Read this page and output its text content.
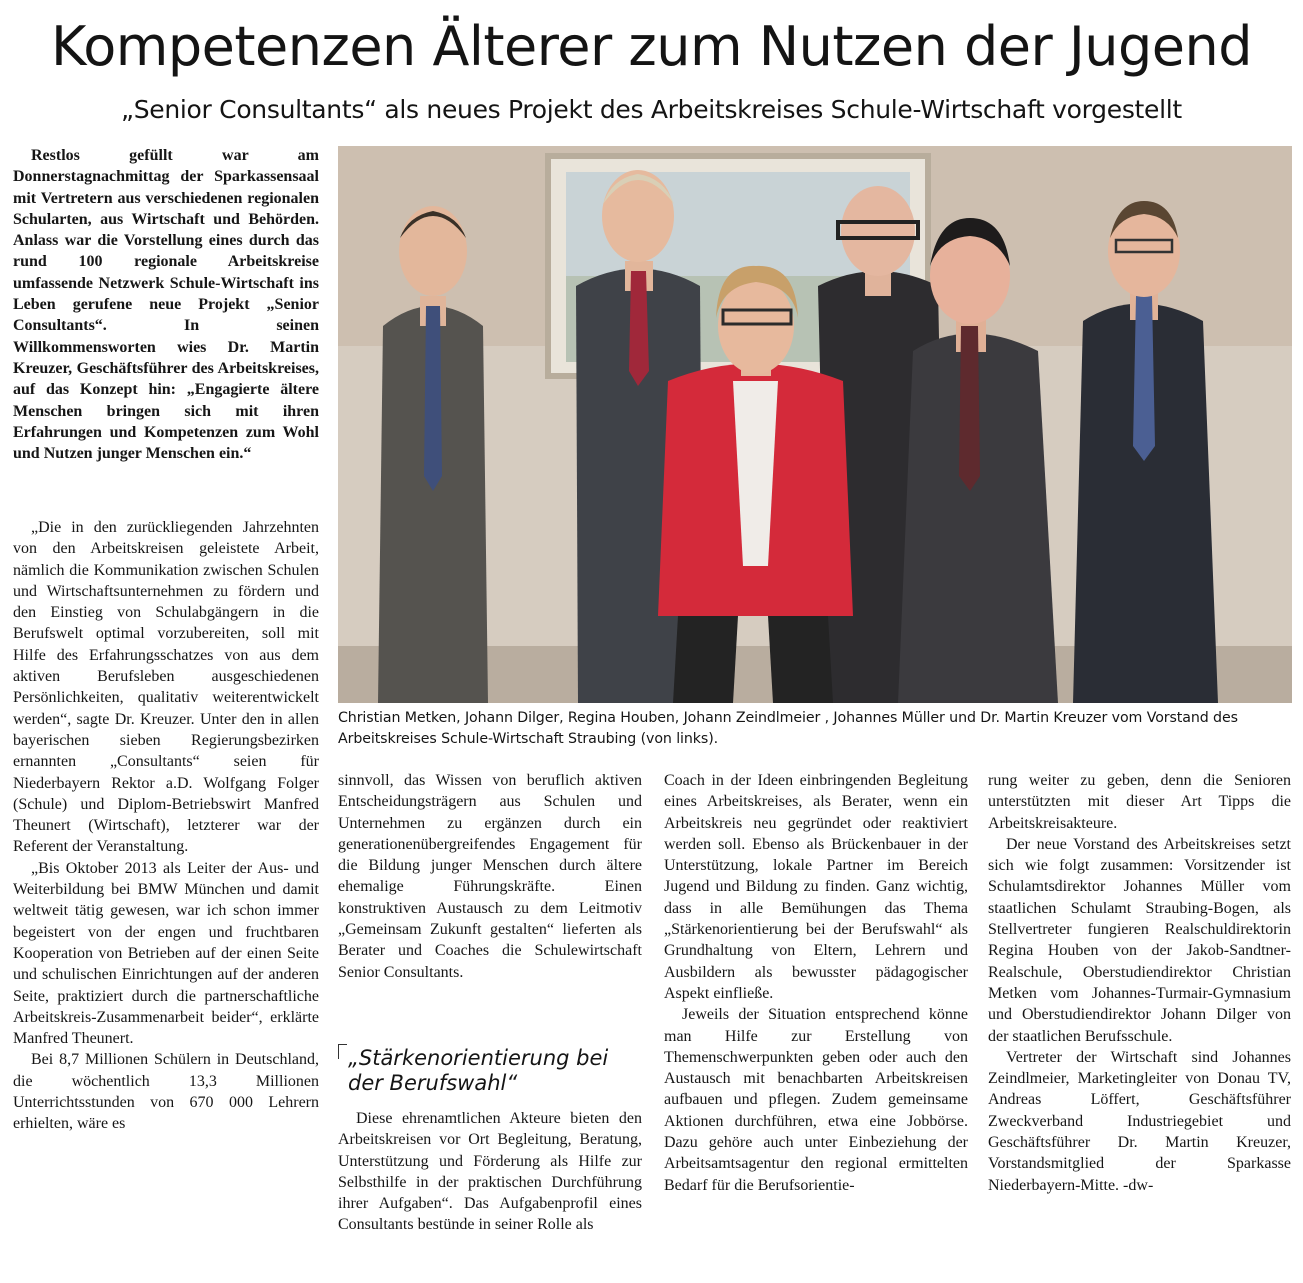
Kompetenzen Älterer zum Nutzen der Jugend
„Senior Consultants“ als neues Projekt des Arbeitskreises Schule-Wirtschaft vorgestellt

Restlos gefüllt war am Donnerstagnachmittag der Sparkassensaal mit Vertretern aus verschiedenen regionalen Schularten, aus Wirtschaft und Behörden. Anlass war die Vorstellung eines durch das rund 100 regionale Arbeitskreise umfassende Netzwerk Schule-Wirtschaft ins Leben gerufene neue Projekt „Senior Consultants“. In seinen Willkommensworten wies Dr. Martin Kreuzer, Geschäftsführer des Arbeitskreises, auf das Konzept hin: „Engagierte ältere Menschen bringen sich mit ihren Erfahrungen und Kompetenzen zum Wohl und Nutzen junger Menschen ein.“

„Die in den zurückliegenden Jahrzehnten von den Arbeitskreisen geleistete Arbeit, nämlich die Kommunikation zwischen Schulen und Wirtschaftsunternehmen zu fördern und den Einstieg von Schulabgängern in die Berufswelt optimal vorzubereiten, soll mit Hilfe des Erfahrungsschatzes von aus dem aktiven Berufsleben ausgeschiedenen Persönlichkeiten, qualitativ weiterentwickelt werden“, sagte Dr. Kreuzer. Unter den in allen bayerischen sieben Regierungsbezirken ernannten „Consultants“ seien für Niederbayern Rektor a.D. Wolfgang Folger (Schule) und Diplom-Betriebswirt Manfred Theunert (Wirtschaft), letzterer war der Referent der Veranstaltung.

„Bis Oktober 2013 als Leiter der Aus- und Weiterbildung bei BMW München und damit weltweit tätig gewesen, war ich schon immer begeistert von der engen und fruchtbaren Kooperation von Betrieben auf der einen Seite und schulischen Einrichtungen auf der anderen Seite, praktiziert durch die partnerschaftliche Arbeitskreis-Zusammenarbeit beider“, erklärte Manfred Theunert.

Bei 8,7 Millionen Schülern in Deutschland, die wöchentlich 13,3 Millionen Unterrichtsstunden von 670 000 Lehrern erhielten, wäre es

Christian Metken, Johann Dilger, Regina Houben, Johann Zeindlmeier , Johannes Müller und Dr. Martin Kreuzer vom Vorstand des Arbeitskreises Schule-Wirtschaft Straubing (von links).

sinnvoll, das Wissen von beruflich aktiven Entscheidungsträgern aus Schulen und Unternehmen zu ergänzen durch ein generationenübergreifendes Engagement für die Bildung junger Menschen durch ältere ehemalige Führungskräfte. Einen konstruktiven Austausch zu dem Leitmotiv „Gemeinsam Zukunft gestalten“ lieferten als Berater und Coaches die Schulewirtschaft Senior Consultants.

„Stärkenorientierung bei der Berufswahl“

Diese ehrenamtlichen Akteure bieten den Arbeitskreisen vor Ort Begleitung, Beratung, Unterstützung und Förderung als Hilfe zur Selbsthilfe in der praktischen Durchführung ihrer Aufgaben“. Das Aufgabenprofil eines Consultants bestünde in seiner Rolle als

Coach in der Ideen einbringenden Begleitung eines Arbeitskreises, als Berater, wenn ein Arbeitskreis neu gegründet oder reaktiviert werden soll. Ebenso als Brückenbauer in der Unterstützung, lokale Partner im Bereich Jugend und Bildung zu finden. Ganz wichtig, dass in alle Bemühungen das Thema „Stärkenorientierung bei der Berufswahl“ als Grundhaltung von Eltern, Lehrern und Ausbildern als bewusster pädagogischer Aspekt einfließe.

Jeweils der Situation entsprechend könne man Hilfe zur Erstellung von Themenschwerpunkten geben oder auch den Austausch mit benachbarten Arbeitskreisen aufbauen und pflegen. Zudem gemeinsame Aktionen durchführen, etwa eine Jobbörse. Dazu gehöre auch unter Einbeziehung der Arbeitsamtsagentur den regional ermittelten Bedarf für die Berufsorientie-

rung weiter zu geben, denn die Senioren unterstützten mit dieser Art Tipps die Arbeitskreisakteure.

Der neue Vorstand des Arbeitskreises setzt sich wie folgt zusammen: Vorsitzender ist Schulamtsdirektor Johannes Müller vom staatlichen Schulamt Straubing-Bogen, als Stellvertreter fungieren Realschuldirektorin Regina Houben von der Jakob-Sandtner-Realschule, Oberstudiendirektor Christian Metken vom Johannes-Turmair-Gymnasium und Oberstudiendirektor Johann Dilger von der staatlichen Berufsschule.

Vertreter der Wirtschaft sind Johannes Zeindlmeier, Marketingleiter von Donau TV, Andreas Löffert, Geschäftsführer Zweckverband Industriegebiet und Geschäftsführer Dr. Martin Kreuzer, Vorstandsmitglied der Sparkasse Niederbayern-Mitte. -dw-
